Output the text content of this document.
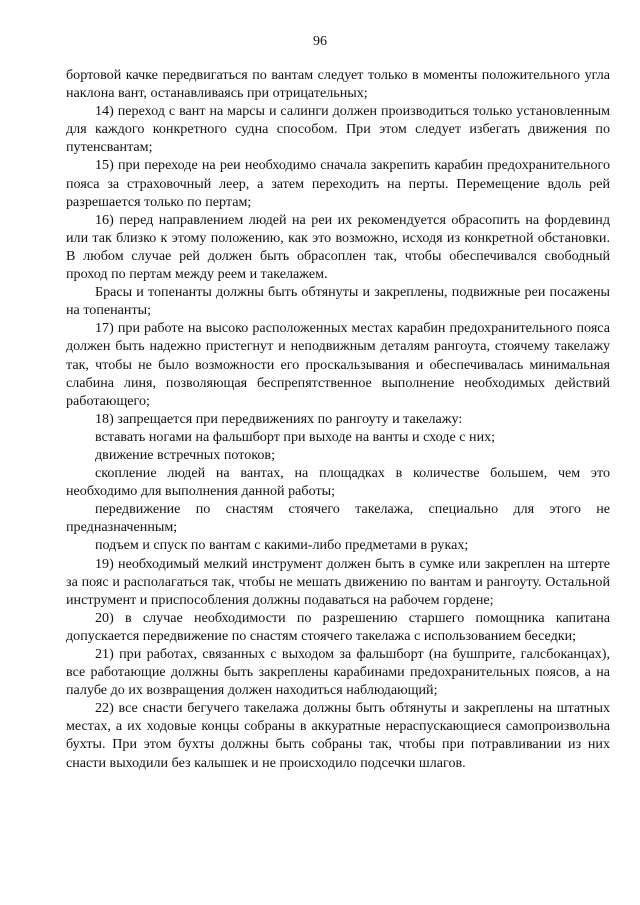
96

бортовой качке передвигаться по вантам следует только в моменты положительного угла наклона вант, останавливаясь при отрицательных;

14) переход с вант на марсы и салинги должен производиться только установленным для каждого конкретного судна способом. При этом следует избегать движения по путенсвантам;

15) при переходе на реи необходимо сначала закрепить карабин предохранительного пояса за страховочный леер, а затем переходить на перты. Перемещение вдоль рей разрешается только по пертам;

16) перед направлением людей на реи их рекомендуется обрасопить на фордевинд или так близко к этому положению, как это возможно, исходя из конкретной обстановки. В любом случае рей должен быть обрасоплен так, чтобы обеспечивался свободный проход по пертам между реем и такелажем.

Брасы и топенанты должны быть обтянуты и закреплены, подвижные реи посажены на топенанты;

17) при работе на высоко расположенных местах карабин предохранительного пояса должен быть надежно пристегнут и неподвижным деталям рангоута, стоячему такелажу так, чтобы не было возможности его проскальзывания и обеспечивалась минимальная слабина линя, позволяющая беспрепятственное выполнение необходимых действий работающего;

18) запрещается при передвижениях по рангоуту и такелажу:

вставать ногами на фальшборт при выходе на ванты и сходе с них;

движение встречных потоков;

скопление людей на вантах, на площадках в количестве большем, чем это необходимо для выполнения данной работы;

передвижение по снастям стоячего такелажа, специально для этого не предназначенным;

подъем и спуск по вантам с какими-либо предметами в руках;

19) необходимый мелкий инструмент должен быть в сумке или закреплен на штерте за пояс и располагаться так, чтобы не мешать движению по вантам и рангоуту. Остальной инструмент и приспособления должны подаваться на рабочем гордене;

20) в случае необходимости по разрешению старшего помощника капитана допускается передвижение по снастям стоячего такелажа с использованием беседки;

21) при работах, связанных с выходом за фальшборт (на бушприте, галсбоканцах), все работающие должны быть закреплены карабинами предохранительных поясов, а на палубе до их возвращения должен находиться наблюдающий;

22) все снасти бегучего такелажа должны быть обтянуты и закреплены на штатных местах, а их ходовые концы собраны в аккуратные нераспускающиеся самопроизвольна бухты. При этом бухты должны быть собраны так, чтобы при потравливании из них снасти выходили без калышек и не происходило подсечки шлагов.
